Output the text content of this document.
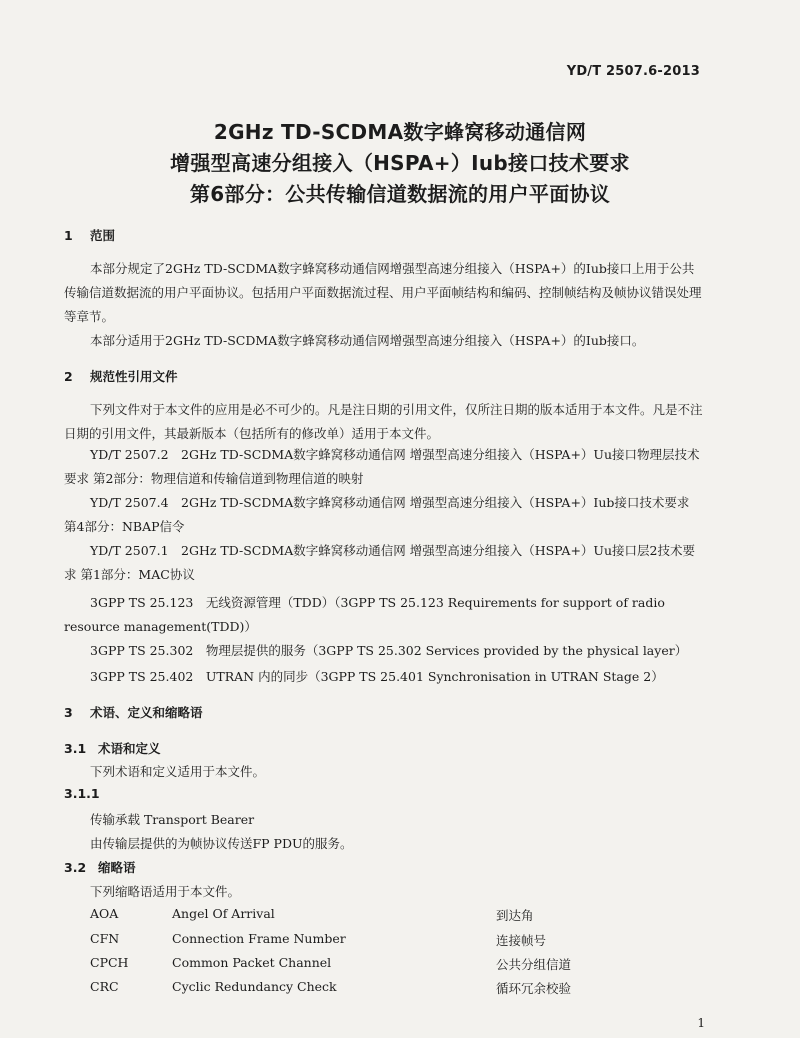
YD/T 2507.6-2013
2GHz TD-SCDMA数字蜂窝移动通信网
增强型高速分组接入（HSPA+）Iub接口技术要求
第6部分：公共传输信道数据流的用户平面协议
1 范围
本部分规定了2GHz TD-SCDMA数字蜂窝移动通信网增强型高速分组接入（HSPA+）的Iub接口上用于公共传输信道数据流的用户平面协议。包括用户平面数据流过程、用户平面帧结构和编码、控制帧结构及帧协议错误处理等章节。
本部分适用于2GHz TD-SCDMA数字蜂窝移动通信网增强型高速分组接入（HSPA+）的Iub接口。
2 规范性引用文件
下列文件对于本文件的应用是必不可少的。凡是注日期的引用文件，仅所注日期的版本适用于本文件。凡是不注日期的引用文件，其最新版本（包括所有的修改单）适用于本文件。
YD/T 2507.2　2GHz TD-SCDMA数字蜂窝移动通信网 增强型高速分组接入（HSPA+）Uu接口物理层技术要求 第2部分：物理信道和传输信道到物理信道的映射
YD/T 2507.4　2GHz TD-SCDMA数字蜂窝移动通信网 增强型高速分组接入（HSPA+）Iub接口技术要求 第4部分：NBAP信令
YD/T 2507.1　2GHz TD-SCDMA数字蜂窝移动通信网 增强型高速分组接入（HSPA+）Uu接口层2技术要求 第1部分：MAC协议
3GPP TS 25.123　无线资源管理（TDD）（3GPP TS 25.123 Requirements for support of radio resource management(TDD)）
3GPP TS 25.302　物理层提供的服务（3GPP TS 25.302 Services provided by the physical layer）
3GPP TS 25.402　UTRAN 内的同步（3GPP TS 25.401 Synchronisation in UTRAN Stage 2）
3 术语、定义和缩略语
3.1 术语和定义
下列术语和定义适用于本文件。
3.1.1
传输承载 Transport Bearer
由传输层提供的为帧协议传送FP PDU的服务。
3.2 缩略语
下列缩略语适用于本文件。
AOA	Angel Of Arrival	到达角
CFN	Connection Frame Number	连接帧号
CPCH	Common Packet Channel	公共分组信道
CRC	Cyclic Redundancy Check	循环冗余校验
1
